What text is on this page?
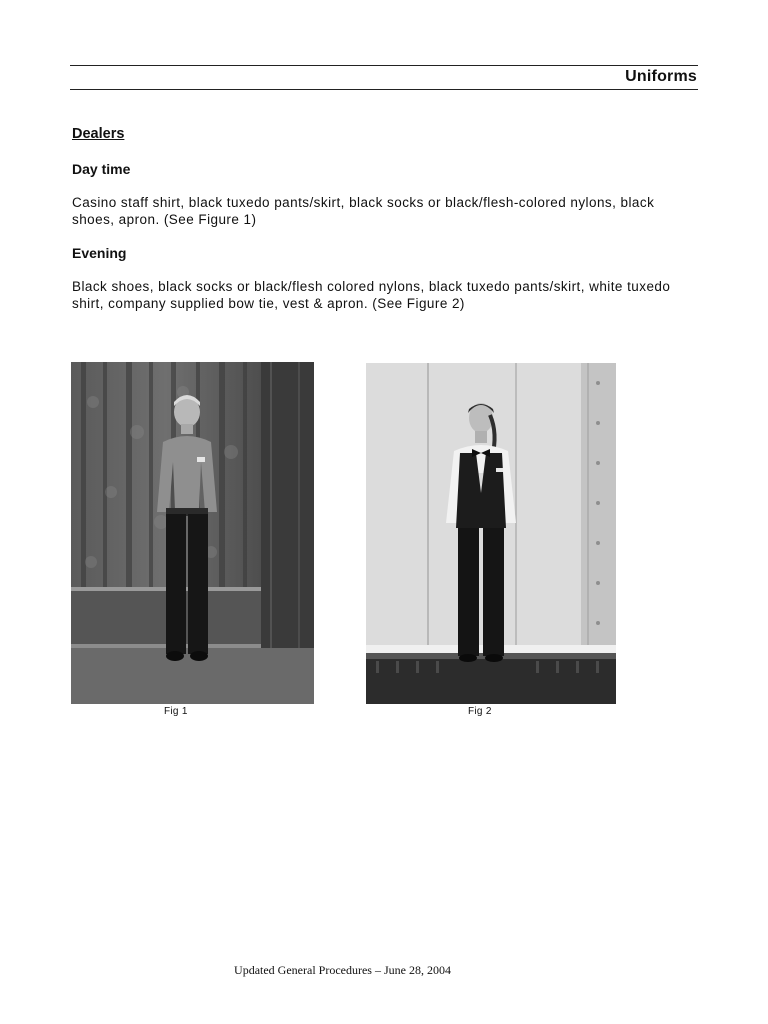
Uniforms
Dealers
Day time

Casino staff shirt, black tuxedo pants/skirt, black socks or black/flesh-colored nylons, black shoes, apron. (See Figure 1)

Evening

Black shoes, black socks or black/flesh colored nylons, black tuxedo pants/skirt, white tuxedo shirt, company supplied bow tie, vest & apron. (See Figure 2)

Fig 1	Fig 2
Updated General Procedures – June 28, 2004
